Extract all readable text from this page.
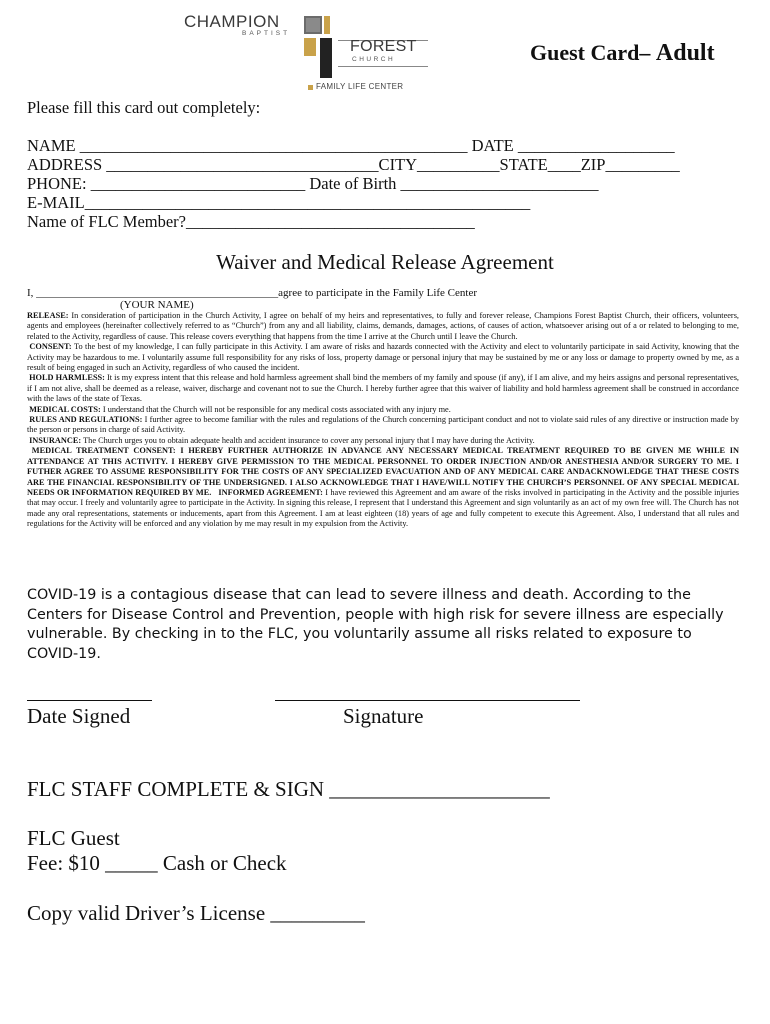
CHAMPION
BAPTIST
FOREST
CHURCH
FAMILY LIFE CENTER
Guest Card– Adult
Please fill this card out completely:
NAME _______________________________________________ DATE ___________________
ADDRESS _________________________________CITY__________STATE____ZIP_________
PHONE: __________________________ Date of Birth ________________________
E-MAIL______________________________________________________
Name of FLC Member?___________________________________
Waiver and Medical Release Agreement
I, ____________________________________________agree to participate in the Family Life Center
(YOUR NAME)
RELEASE: In consideration of participation in the Church Activity, I agree on behalf of my heirs and representatives, to fully and forever release, Champions Forest Baptist Church, their officers, volunteers, agents and employees (hereinafter collectively referred to as “Church”) from any and all liability, claims, demands, damages, actions, of causes of action, whatsoever arising out of a or related to belonging to me, related to the Activity, regardless of cause. This release covers everything that happens from the time I arrive at the Church until I leave the Church.
CONSENT: To the best of my knowledge, I can fully participate in this Activity. I am aware of risks and hazards connected with the Activity and elect to voluntarily participate in said Activity, knowing that the Activity may be hazardous to me. I voluntarily assume full responsibility for any risks of loss, property damage or personal injury that may be sustained by me or any loss or damage to property owned by me, as a result of being engaged in such an Activity, regardless of who caused the incident.
HOLD HARMLESS: It is my express intent that this release and hold harmless agreement shall bind the members of my family and spouse (if any), if I am alive, and my heirs assigns and personal representatives, if I am not alive, shall be deemed as a release, waiver, discharge and covenant not to sue the Church. I hereby further agree that this waiver of liability and hold harmless agreement shall be construed in accordance with the laws of the state of Texas.
MEDICAL COSTS: I understand that the Church will not be responsible for any medical costs associated with any injury me.
RULES AND REGULATIONS: I further agree to become familiar with the rules and regulations of the Church concerning participant conduct and not to violate said rules of any directive or instruction made by the person or persons in charge of said Activity.
INSURANCE: The Church urges you to obtain adequate health and accident insurance to cover any personal injury that I may have during the Activity.
MEDICAL TREATMENT CONSENT: I HEREBY FURTHER AUTHORIZE IN ADVANCE ANY NECESSARY MEDICAL TREATMENT REQUIRED TO BE GIVEN ME WHILE IN ATTENDANCE AT THIS ACTIVITY. I HEREBY GIVE PERMISSION TO THE MEDICAL PERSONNEL TO ORDER INJECTION AND/OR ANESTHESIA AND/OR SURGERY TO ME. I FUTHER AGREE TO ASSUME RESPONSIBILITY FOR THE COSTS OF ANY SPECIALIZED EVACUATION AND OF ANY MEDICAL CARE ANDACKNOWLEDGE THAT THESE COSTS ARE THE FINANCIAL RESPONSIBILITY OF THE UNDERSIGNED. I ALSO ACKNOWLEDGE THAT I HAVE/WILL NOTIFY THE CHURCH’S PERSONNEL OF ANY SPECIAL MEDICAL NEEDS OR INFORMATION REQUIRED BY ME. INFORMED AGREEMENT: I have reviewed this Agreement and am aware of the risks involved in participating in the Activity and the possible injuries that may occur. I freely and voluntarily agree to participate in the Activity. In signing this release, I represent that I understand this Agreement and sign voluntarily as an act of my own free will. The Church has not made any oral representations, statements or inducements, apart from this Agreement. I am at least eighteen (18) years of age and fully competent to execute this Agreement. Also, I understand that all rules and regulations for the Activity will be enforced and any violation by me may result in my expulsion from the Activity.
COVID-19 is a contagious disease that can lead to severe illness and death. According to the Centers for Disease Control and Prevention, people with high risk for severe illness are especially vulnerable. By checking in to the FLC, you voluntarily assume all risks related to exposure to COVID-19.
Date Signed	Signature
FLC STAFF COMPLETE & SIGN _____________________
FLC Guest
Fee: $10 _____ Cash or Check
Copy valid Driver’s License _________
